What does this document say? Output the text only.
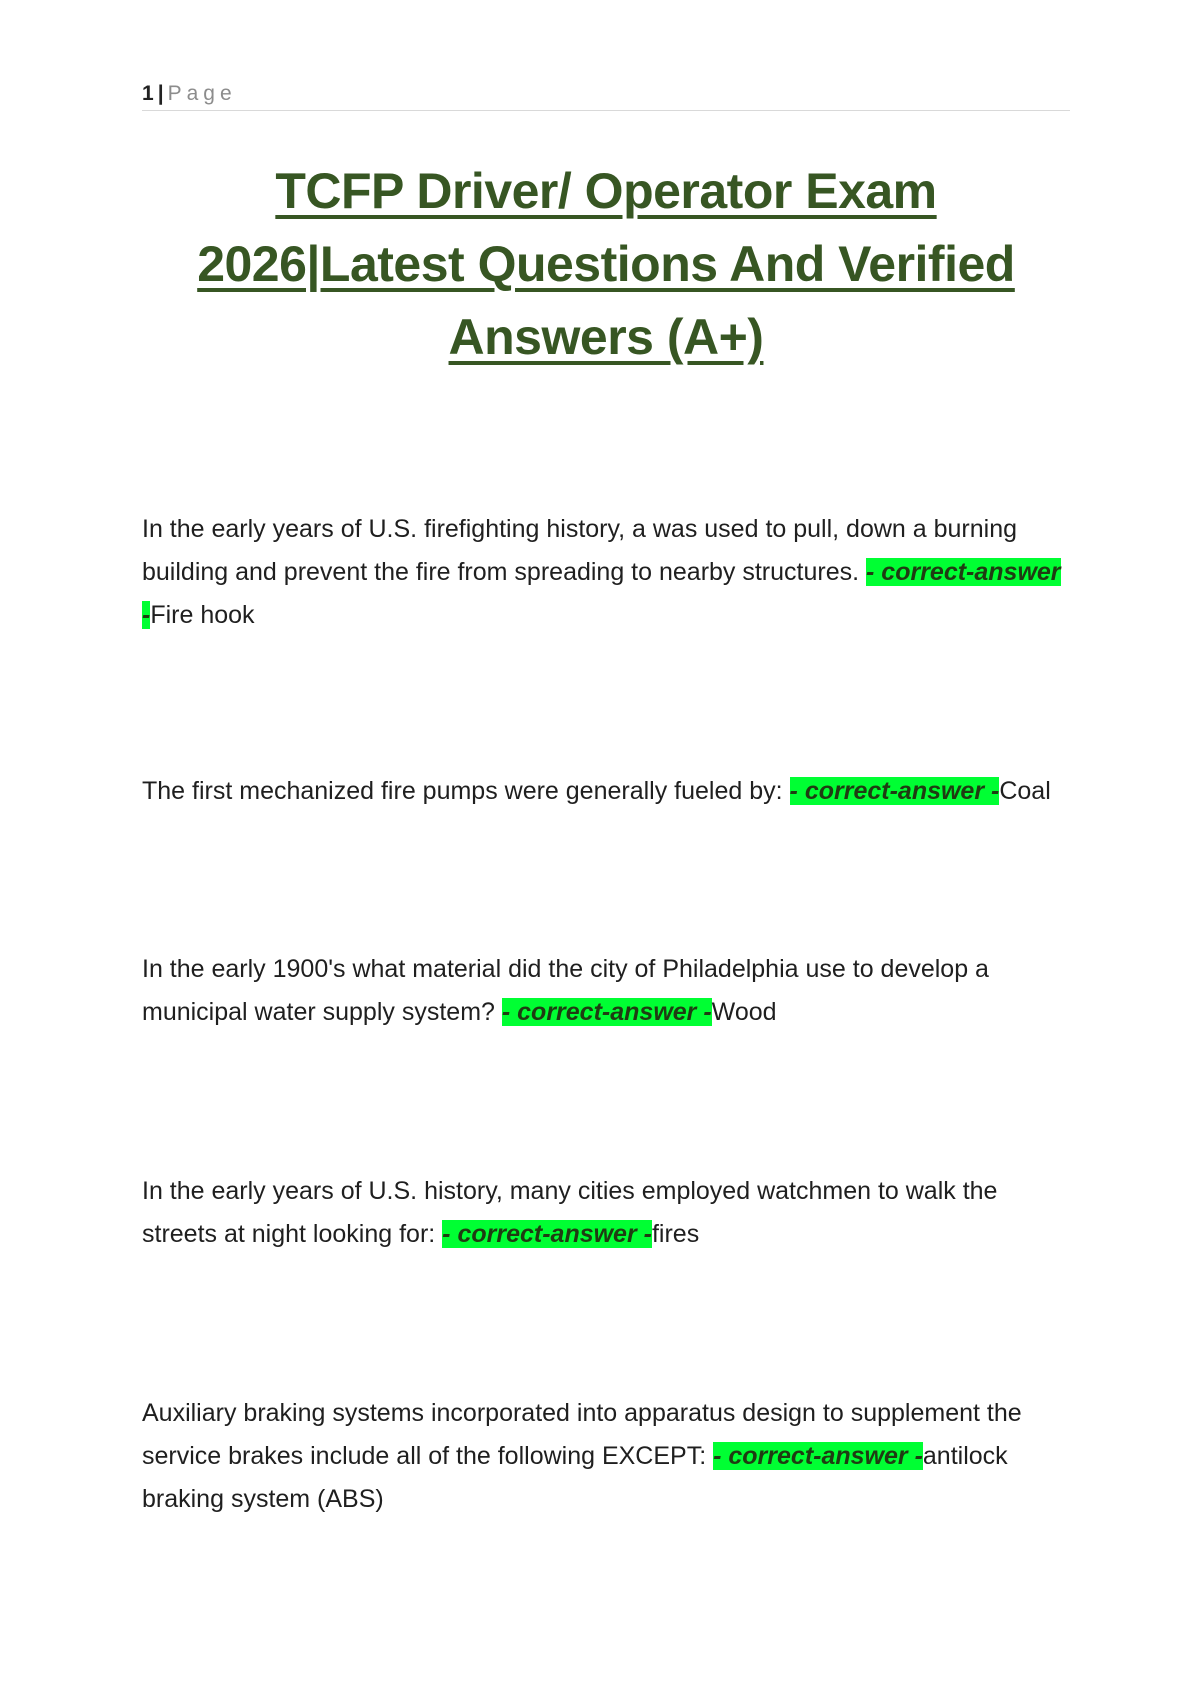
1 | Page
TCFP Driver/ Operator Exam 2026|Latest Questions And Verified Answers (A+)
In the early years of U.S. firefighting history, a was used to pull, down a burning building and prevent the fire from spreading to nearby structures. - correct-answer -Fire hook
The first mechanized fire pumps were generally fueled by: - correct-answer -Coal
In the early 1900's what material did the city of Philadelphia use to develop a municipal water supply system? - correct-answer -Wood
In the early years of U.S. history, many cities employed watchmen to walk the streets at night looking for: - correct-answer -fires
Auxiliary braking systems incorporated into apparatus design to supplement the service brakes include all of the following EXCEPT: - correct-answer -antilock braking system (ABS)
